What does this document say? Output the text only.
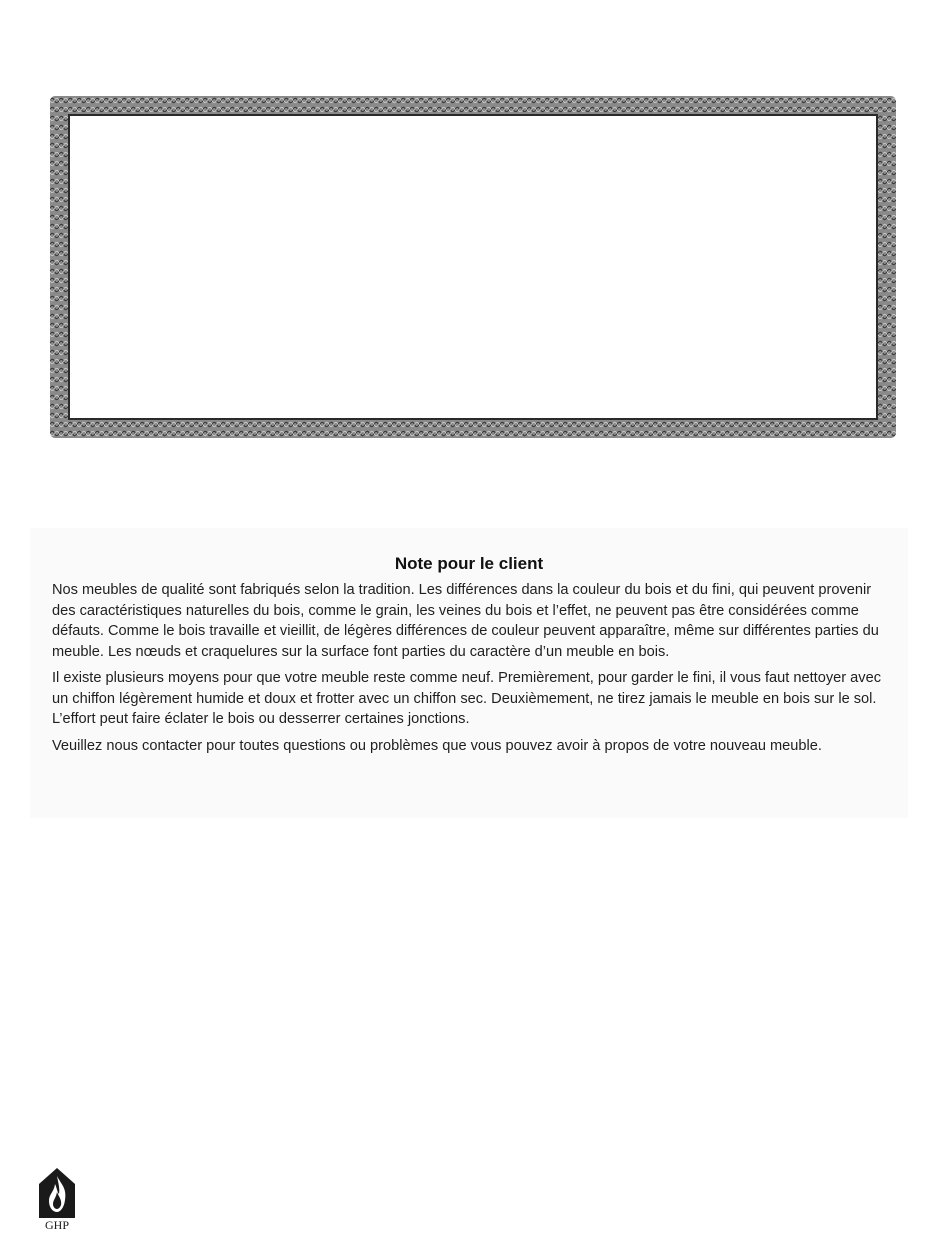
Note pour le client

Nos meubles de qualité sont fabriqués selon la tradition. Les différences dans la couleur du bois et du fini, qui peuvent provenir des caractéristiques naturelles du bois, comme le grain, les veines du bois et l’effet, ne peuvent pas être considérées comme défauts. Comme le bois travaille et vieillit, de légères différences de couleur peuvent apparaître, même sur différentes parties du meuble. Les nœuds et craquelures sur la surface font parties du caractère d’un meuble en bois.

Il existe plusieurs moyens pour que votre meuble reste comme neuf. Premièrement, pour garder le fini, il vous faut nettoyer avec un chiffon légèrement humide et doux et frotter avec un chiffon sec. Deuxièmement, ne tirez jamais le meuble en bois sur le sol. L’effort peut faire éclater le bois ou desserrer certaines jonctions.

Veuillez nous contacter pour toutes questions ou problèmes que vous pouvez avoir à propos de votre nouveau meuble.

GHP
